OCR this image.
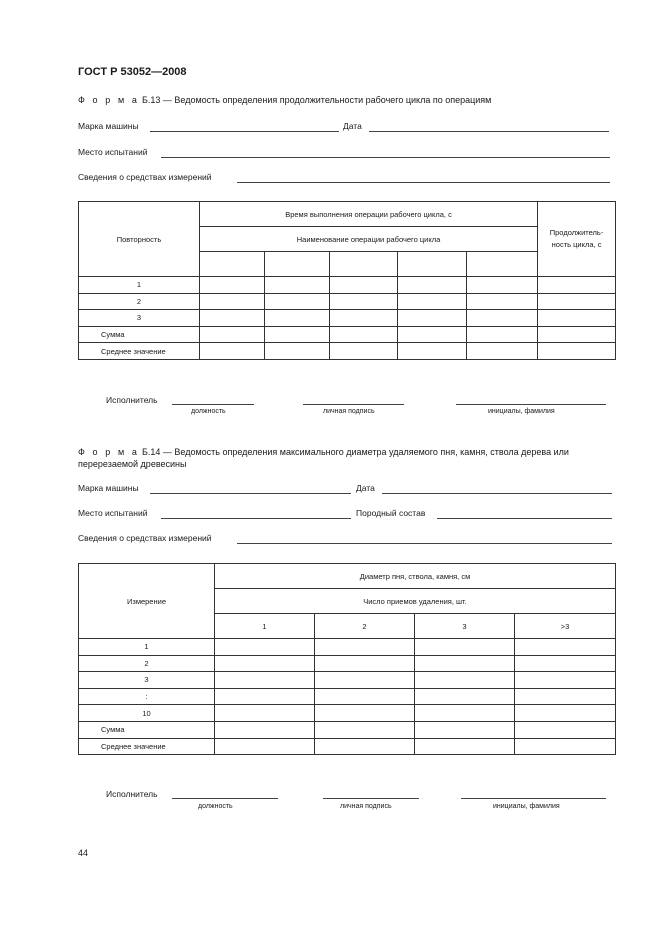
ГОСТ Р 53052—2008
Ф о р м а Б.13 — Ведомость определения продолжительности рабочего цикла по операциям
Марка машины	Дата
Место испытаний
Сведения о средствах измерений
Повторность	Время выполнения операции рабочего цикла, с					Продолжитель-
ность цикла, с
	Наименование операции рабочего цикла					

1						
2						
3						
Сумма						
Среднее значение						
Исполнитель
должность	личная подпись	инициалы, фамилия
Ф о р м а Б.14 — Ведомость определения максимального диаметра удаляемого пня, камня, ствола дерева или
перерезаемой древесины
Марка машины	Дата
Место испытаний	Породный состав
Сведения о средствах измерений
Измерение	Диаметр пня, ствола, камня, см			
	Число приемов удаления, шт.			
	1	2	3	>3
1				
2				
3				
:				
10				
Сумма				
Среднее значение				
Исполнитель
должность	личная подпись	инициалы, фамилия
44
